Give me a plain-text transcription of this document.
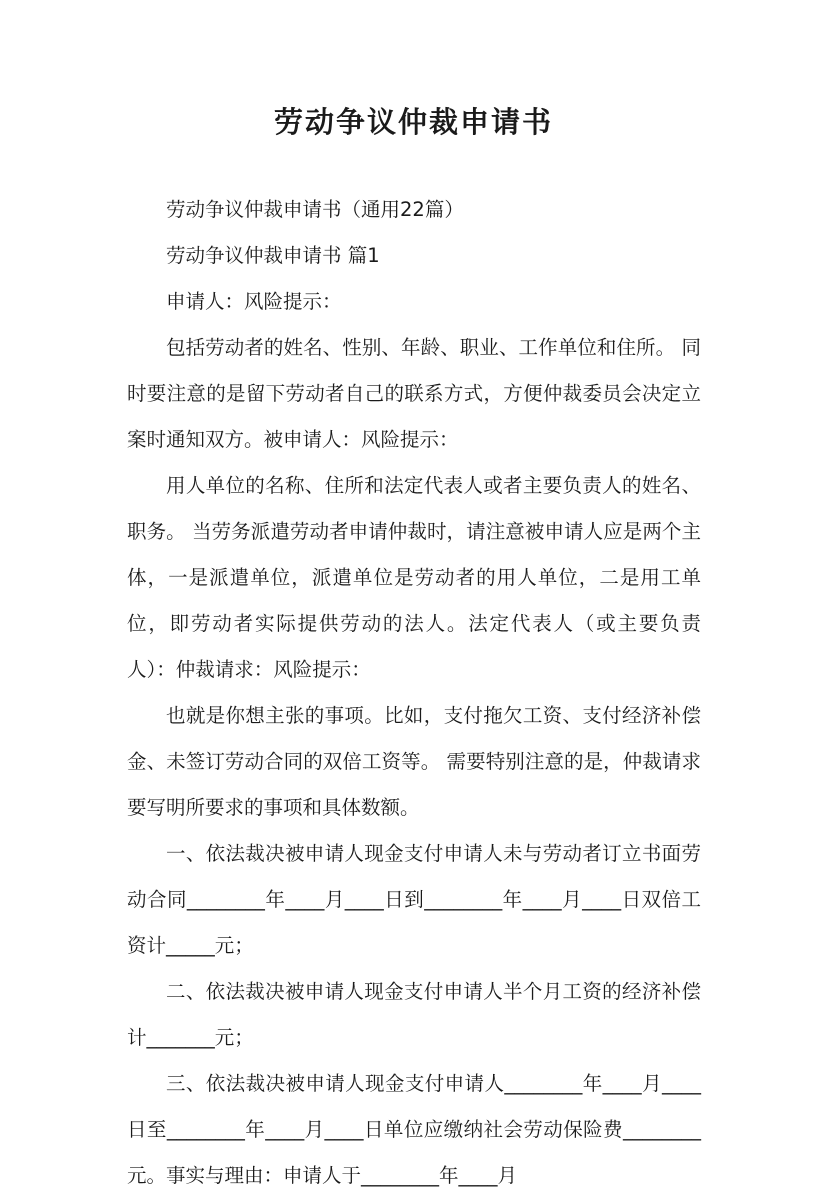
劳动争议仲裁申请书

劳动争议仲裁申请书（通用22篇）

劳动争议仲裁申请书 篇1

申请人：风险提示：

包括劳动者的姓名、性别、年龄、职业、工作单位和住所。 同时要注意的是留下劳动者自己的联系方式，方便仲裁委员会决定立案时通知双方。被申请人：风险提示：

用人单位的名称、住所和法定代表人或者主要负责人的姓名、职务。 当劳务派遣劳动者申请仲裁时，请注意被申请人应是两个主体，一是派遣单位，派遣单位是劳动者的用人单位，二是用工单位，即劳动者实际提供劳动的法人。法定代表人（或主要负责人）：仲裁请求：风险提示：

也就是你想主张的事项。比如，支付拖欠工资、支付经济补偿金、未签订劳动合同的双倍工资等。 需要特别注意的是，仲裁请求要写明所要求的事项和具体数额。

一、依法裁决被申请人现金支付申请人未与劳动者订立书面劳动合同________年____月____日到________年____月____日双倍工资计_____元；

二、依法裁决被申请人现金支付申请人半个月工资的经济补偿计_______元；

三、依法裁决被申请人现金支付申请人________年____月____日至________年____月____日单位应缴纳社会劳动保险费________元。事实与理由：申请人于________年____月
